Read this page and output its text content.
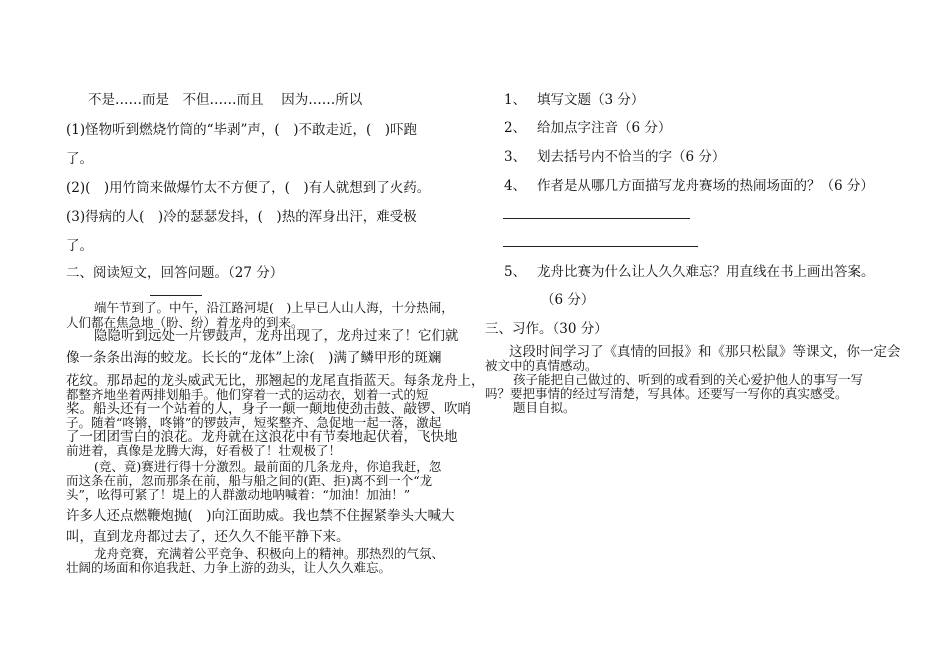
不是……而是　不但……而且　 因为……所以
(1)怪物听到燃烧竹筒的“毕剥”声，(　)不敢走近，(　)吓跑
了。
(2)(　)用竹筒来做爆竹太不方便了，(　)有人就想到了火药。
(3)得病的人(　)冷的瑟瑟发抖，(　)热的浑身出汗，难受极
了。
二、阅读短文，回答问题。（27 分）
端午节到了。中午，沿江路河堤(　)上早已人山人海，十分热闹，
人们都在焦急地（盼、纷）着龙舟的到来。
隐隐听到远处一片锣鼓声，龙舟出现了，龙舟过来了！它们就
像一条条出海的蛟龙。长长的“龙体”上涂(　)满了鳞甲形的斑斓
花纹。那昂起的龙头威武无比，那翘起的龙尾直指蓝天。每条龙舟上，
都整齐地坐着两排划船手。他们穿着一式的运动衣，划着一式的短
桨。船头还有一个站着的人，身子一颠一颠地使劲击鼓、敲锣、吹哨
子。随着“咚锵，咚锵”的锣鼓声，短桨整齐、急促地一起一落，激起
了一团团雪白的浪花。龙舟就在这浪花中有节奏地起伏着，飞快地
前进着，真像是龙腾大海，好看极了！壮观极了！
(竞、竟)赛进行得十分激烈。最前面的几条龙舟，你追我赶，忽
而这条在前，忽而那条在前，船与船之间的(距、拒)离不到一个“龙
头”，吆得可紧了！堤上的人群激动地呐喊着：“加油！加油！”
许多人还点燃鞭炮抛(　)向江面助威。我也禁不住握紧拳头大喊大
叫，直到龙舟都过去了，还久久不能平静下来。
龙舟竞赛，充满着公平竞争、积极向上的精神。那热烈的气氛、
壮阔的场面和你追我赶、力争上游的劲头，让人久久难忘。
1、 填写文题（3 分）
2、 给加点字注音（6 分）
3、 划去括号内不恰当的字（6 分）
4、 作者是从哪几方面描写龙舟赛场的热闹场面的？（6 分）
5、 龙舟比赛为什么让人久久难忘？用直线在书上画出答案。
（6 分）
三、习作。（30 分）
这段时间学习了《真情的回报》和《那只松鼠》等课文，你一定会
被文中的真情感动。
孩子能把自己做过的、听到的或看到的关心爱护他人的事写一写
吗？要把事情的经过写清楚，写具体。还要写一写你的真实感受。
题目自拟。
